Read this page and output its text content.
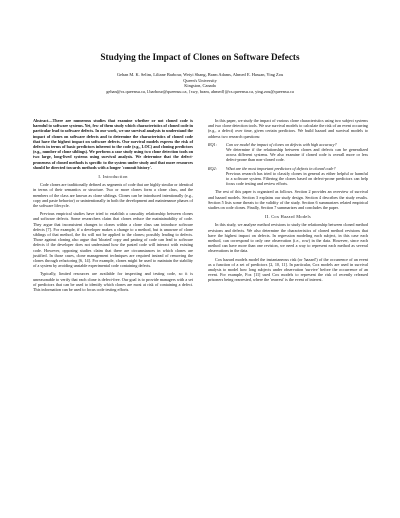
Studying the Impact of Clones on Software Defects
Gehan M. K. Selim, Liliane Barbour, Weiyi Shang, Bram Adams, Ahmed E. Hassan, Ying Zou
Queen's University
Kingston, Canada
gehan@cs.queensu.ca, l.barbour@queensu.ca, {swy, bram, ahmed}@cs.queensu.ca, ying.zou@queensu.ca

Abstract—There are numerous studies that examine whether or not cloned code is harmful to software systems. Yet, few of them study which characteristics of cloned code in particular lead to software defects. In our work, we use survival analysis to understand the impact of clones on software defects and to determine the characteristics of cloned code that have the highest impact on software defects. Our survival models express the risk of defects in terms of basic predictors inherent to the code (e.g., LOC) and cloning predictors (e.g., number of clone siblings). We perform a case study using two clone detection tools on two large, long-lived systems using survival analysis. We determine that the defect-proneness of cloned methods is specific to the system under study and that more resources should be directed towards methods with a longer 'commit history'.

I. Introduction

Code clones are traditionally defined as segments of code that are highly similar or identical in terms of their semantics or structure. Two or more clones form a clone class, and the members of the class are known as clone siblings. Clones can be introduced intentionally (e.g., copy and paste behavior) or unintentionally in both the development and maintenance phases of the software lifecycle.

Previous empirical studies have tried to establish a causality relationship between clones and software defects. Some researchers claim that clones reduce the maintainability of code. They argue that inconsistent changes to clones within a clone class can introduce software defects [7]. For example, if a developer makes a change to a method, but is unaware of clone siblings of that method, the fix will not be applied to the clones; possibly leading to defects. Those against cloning also argue that 'bloated' copy and pasting of code can lead to software defects if the developer does not understand how the pasted code will interact with existing code. However, opposing studies claim that there are circumstances in which clones are justified. In those cases, clone management techniques are required instead of removing the clones through refactoring [6, 14]. For example, clones might be used to maintain the stability of a system by avoiding unstable experimental code containing defects.

Typically, limited resources are available for inspecting and testing code, so it is unreasonable to verify that each clone is defect-free. Our goal is to provide managers with a set of predictors that can be used to identify which clones are most at risk of containing a defect. This information can be used to focus code testing efforts.

In this paper, we study the impact of various clone characteristics using two subject systems and two clone detection tools. We use survival models to calculate the risk of an event occurring (e.g., a defect) over time, given certain predictors. We build hazard and survival models to address two research questions:

RQ1:	Can we model the impact of clones on defects with high accuracy?
We determine if the relationship between clones and defects can be generalized across different systems. We also examine if cloned code is overall more or less defect-prone than non-cloned code.
RQ2:	What are the most important predictors of defects in cloned code?
Previous research has tried to classify clones in general as either helpful or harmful to a software system. Filtering the clones based on defect-prone predictors can help focus code testing and review efforts.

The rest of this paper is organized as follows. Section 2 provides an overview of survival and hazard models. Section 3 explains our study design. Section 4 describes the study results. Section 5 lists some threats to the validity of the study. Section 6 summarizes related empirical studies on code clones. Finally, Section 7 summarizes and concludes the paper.

II. Cox Hazard Models

In this study, we analyze method revisions to study the relationship between cloned method revisions and defects. We also determine the characteristics of cloned method revisions that have the highest impact on defects. In regression modeling each subject, in this case each method, can correspond to only one observation (i.e., row) in the data. However, since each method can have more than one revision, we need a way to represent each method as several observations in the data.

Cox hazard models model the instantaneous risk (or 'hazard') of the occurrence of an event as a function of a set of predictors [2, 10, 11]. In particular, Cox models are used in survival analysis to model how long subjects under observation 'survive' before the occurrence of an event. For example, Fox [11] used Cox models to represent the risk of recently released prisoners being rearrested, where the 'rearrest' is the event of interest.
